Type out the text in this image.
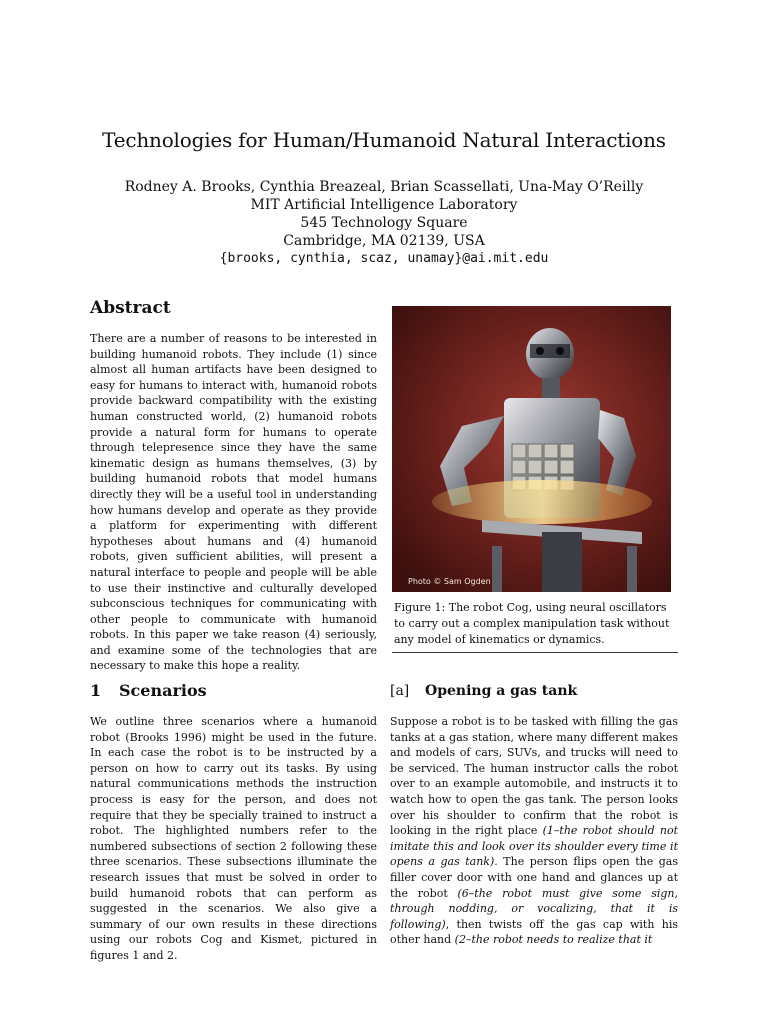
Technologies for Human/Humanoid Natural Interactions
Rodney A. Brooks, Cynthia Breazeal, Brian Scassellati, Una-May O’Reilly
MIT Artificial Intelligence Laboratory
545 Technology Square
Cambridge, MA 02139, USA
{brooks, cynthia, scaz, unamay}@ai.mit.edu
Abstract

There are a number of reasons to be interested in building humanoid robots. They include (1) since almost all human artifacts have been designed to easy for humans to interact with, humanoid robots provide backward compatibility with the existing human constructed world, (2) humanoid robots provide a natural form for humans to operate through telepresence since they have the same kinematic design as humans themselves, (3) by building humanoid robots that model humans directly they will be a useful tool in understanding how humans develop and operate as they provide a platform for experimenting with different hypotheses about humans and (4) humanoid robots, given sufficient abilities, will present a natural interface to people and people will be able to use their instinctive and culturally developed subconscious techniques for communicating with other people to communicate with humanoid robots. In this paper we take reason (4) seriously, and examine some of the technologies that are necessary to make this hope a reality.

Photo © Sam Ogden

Figure 1: The robot Cog, using neural oscillators to carry out a complex manipulation task without any model of kinematics or dynamics.

1 Scenarios

We outline three scenarios where a humanoid robot (Brooks 1996) might be used in the future. In each case the robot is to be instructed by a person on how to carry out its tasks. By using natural communications methods the instruction process is easy for the person, and does not require that they be specially trained to instruct a robot. The highlighted numbers refer to the numbered subsections of section 2 following these three scenarios. These subsections illuminate the research issues that must be solved in order to build humanoid robots that can perform as suggested in the scenarios. We also give a summary of our own results in these directions using our robots Cog and Kismet, pictured in figures 1 and 2.

[a] Opening a gas tank

Suppose a robot is to be tasked with filling the gas tanks at a gas station, where many different makes and models of cars, SUVs, and trucks will need to be serviced. The human instructor calls the robot over to an example automobile, and instructs it to watch how to open the gas tank. The person looks over his shoulder to confirm that the robot is looking in the right place (1–the robot should not imitate this and look over its shoulder every time it opens a gas tank). The person flips open the gas filler cover door with one hand and glances up at the robot (6–the robot must give some sign, through nodding, or vocalizing, that it is following), then twists off the gas cap with his other hand (2–the robot needs to realize that it
